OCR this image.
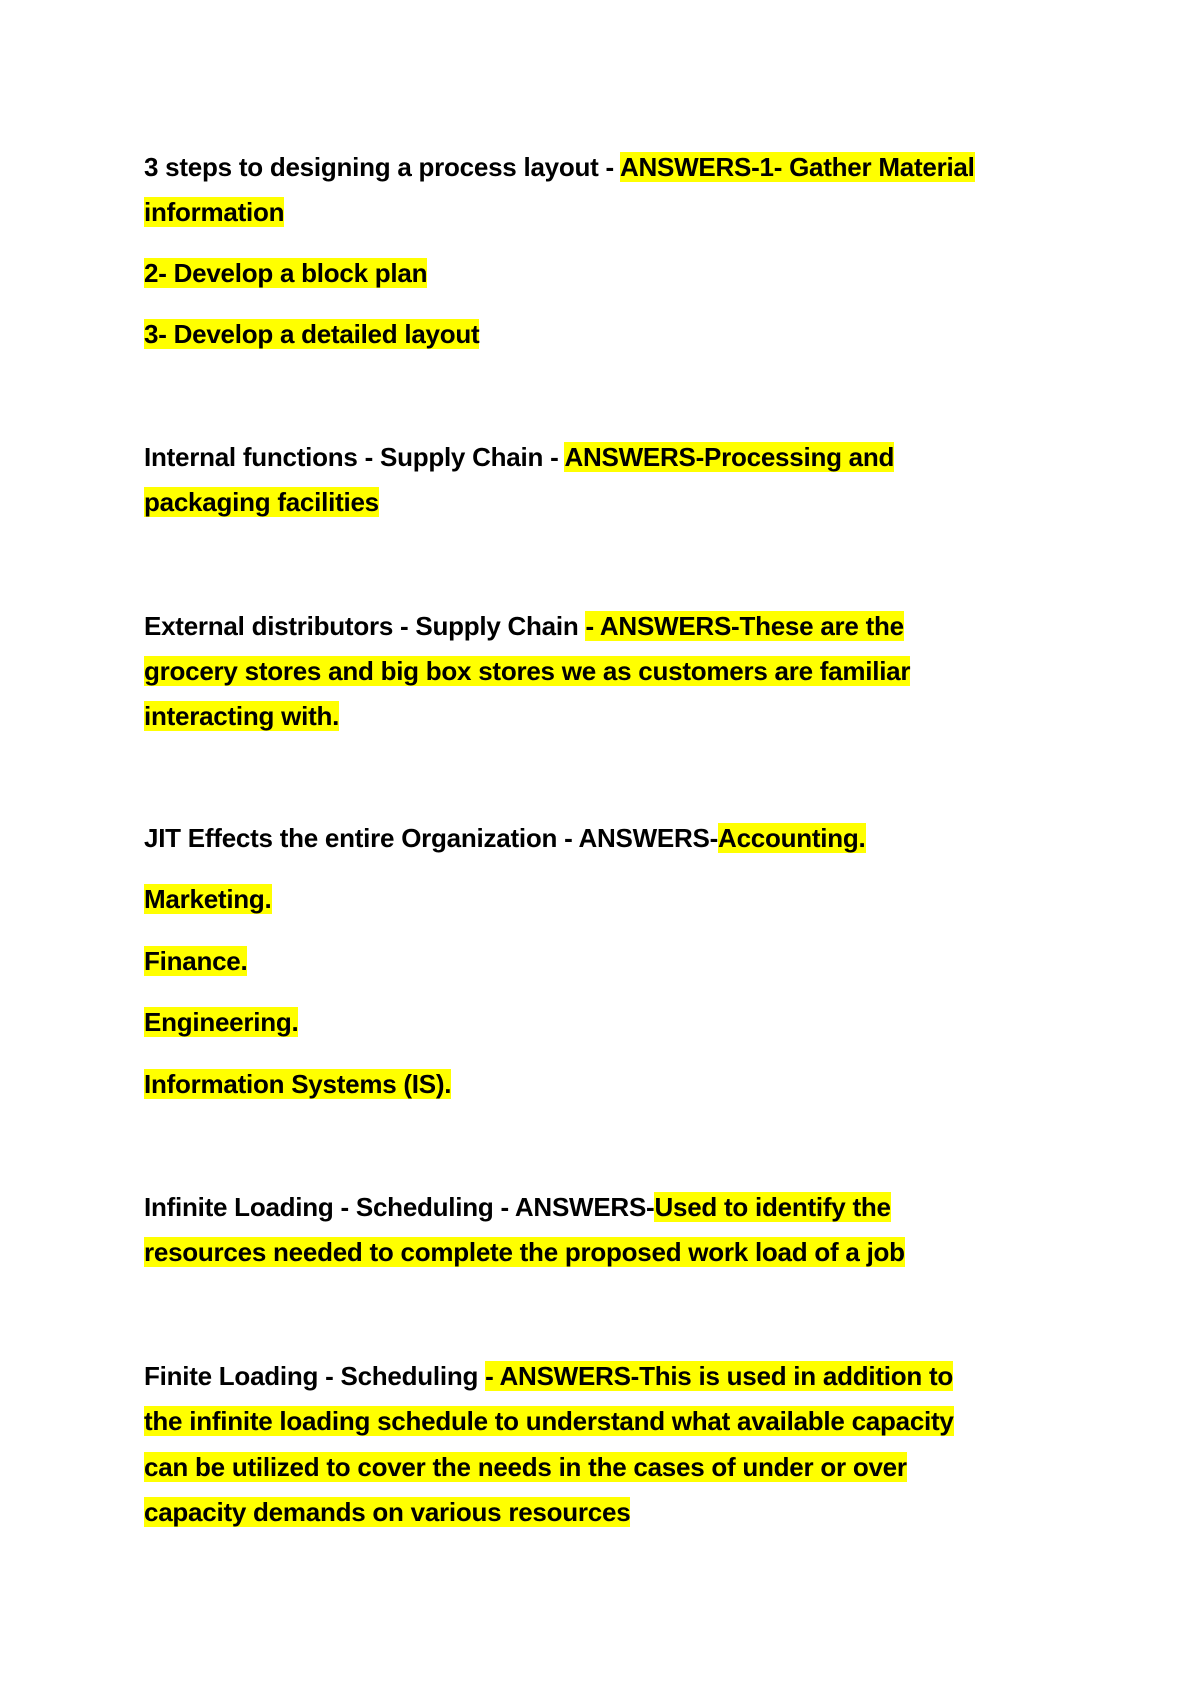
3 steps to designing a process layout - ANSWERS-1- Gather Material
information
2- Develop a block plan
3- Develop a detailed layout
Internal functions - Supply Chain - ANSWERS-Processing and
packaging facilities
External distributors - Supply Chain - ANSWERS-These are the
grocery stores and big box stores we as customers are familiar
interacting with.
JIT Effects the entire Organization - ANSWERS-Accounting.
Marketing.
Finance.
Engineering.
Information Systems (IS).
Infinite Loading - Scheduling - ANSWERS-Used to identify the
resources needed to complete the proposed work load of a job
Finite Loading - Scheduling - ANSWERS-This is used in addition to
the infinite loading schedule to understand what available capacity
can be utilized to cover the needs in the cases of under or over
capacity demands on various resources
